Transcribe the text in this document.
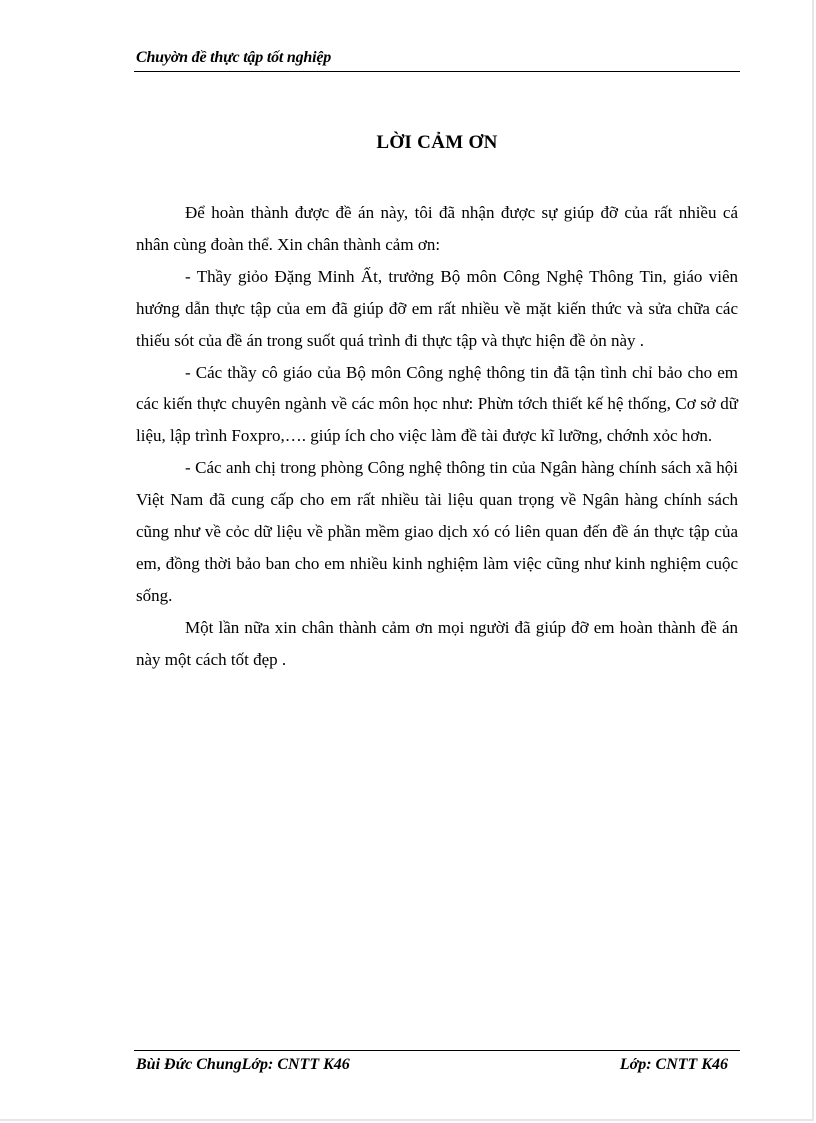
Chuyờn đề thực tập tốt nghiệp
LỜI CẢM ƠN

Để hoàn thành được đề án này, tôi đã nhận được sự giúp đỡ của rất nhiều cá nhân cùng đoàn thể. Xin chân thành cảm ơn:

- Thầy giỏo Đặng Minh Ất, trưởng Bộ môn Công Nghệ Thông Tin, giáo viên hướng dẫn thực tập của em đã giúp đỡ em rất nhiều về mặt kiến thức và sửa chữa các thiếu sót của đề án trong suốt quá trình đi thực tập và thực hiện đề ỏn này .

- Các thầy cô giáo của Bộ môn Công nghệ thông tin đã tận tình chỉ bảo cho em các kiến thực chuyên ngành về các môn học như: Phừn tớch thiết kế hệ thống, Cơ sở dữ liệu, lập trình Foxpro,…. giúp ích cho việc làm đề tài được kĩ lưỡng, chớnh xỏc hơn.

- Các anh chị trong phòng Công nghệ thông tin của Ngân hàng chính sách xã hội Việt Nam đã cung cấp cho em rất nhiều tài liệu quan trọng về Ngân hàng chính sách cũng như về cỏc dữ liệu về phần mềm giao dịch xó có liên quan đến đề án thực tập của em, đồng thời bảo ban cho em nhiều kinh nghiệm làm việc cũng như kinh nghiệm cuộc sống.

Một lần nữa xin chân thành cảm ơn mọi người đã giúp đỡ em hoàn thành đề án này một cách tốt đẹp .

Bùi Đức ChungLớp: CNTT K46	Lớp: CNTT K46
